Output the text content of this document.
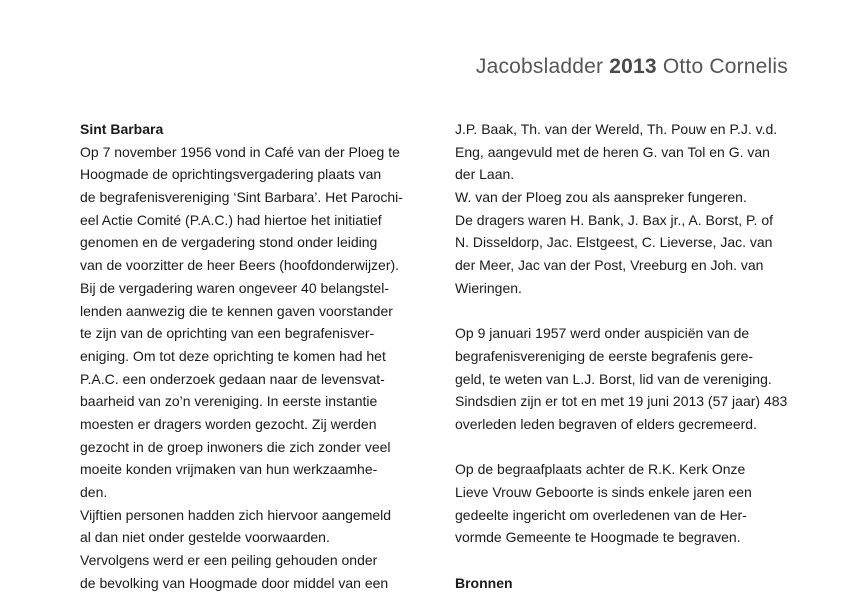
Jacobsladder 2013 Otto Cornelis
Sint Barbara
Op 7 november 1956 vond in Café van der Ploeg te
Hoogmade de oprichtingsvergadering plaats van
de begrafenisvereniging ‘Sint Barbara’. Het Parochi-
eel Actie Comité (P.A.C.) had hiertoe het initiatief
genomen en de vergadering stond onder leiding
van de voorzitter de heer Beers (hoofdonderwijzer).
Bij de vergadering waren ongeveer 40 belangstel-
lenden aanwezig die te kennen gaven voorstander
te zijn van de oprichting van een begrafenisver-
eniging. Om tot deze oprichting te komen had het
P.A.C. een onderzoek gedaan naar de levensvat-
baarheid van zo’n vereniging. In eerste instantie
moesten er dragers worden gezocht. Zij werden
gezocht in de groep inwoners die zich zonder veel
moeite konden vrijmaken van hun werkzaamhe-
den.
Vijftien personen hadden zich hiervoor aangemeld
al dan niet onder gestelde voorwaarden.
Vervolgens werd er een peiling gehouden onder
de bevolking van Hoogmade door middel van een
J.P. Baak, Th. van der Wereld, Th. Pouw en P.J. v.d.
Eng, aangevuld met de heren G. van Tol en G. van
der Laan.
W. van der Ploeg zou als aanspreker fungeren.
De dragers waren H. Bank, J. Bax jr., A. Borst, P. of
N. Disseldorp, Jac. Elstgeest, C. Lieverse, Jac. van
der Meer, Jac van der Post, Vreeburg en Joh. van
Wieringen.
Op 9 januari 1957 werd onder auspiciën van de
begrafenisvereniging de eerste begrafenis gere-
geld, te weten van L.J. Borst, lid van de vereniging.
Sindsdien zijn er tot en met 19 juni 2013 (57 jaar) 483
overleden leden begraven of elders gecremeerd.
Op de begraafplaats achter de R.K. Kerk Onze
Lieve Vrouw Geboorte is sinds enkele jaren een
gedeelte ingericht om overledenen van de Her-
vormde Gemeente te Hoogmade te begraven.
Bronnen
